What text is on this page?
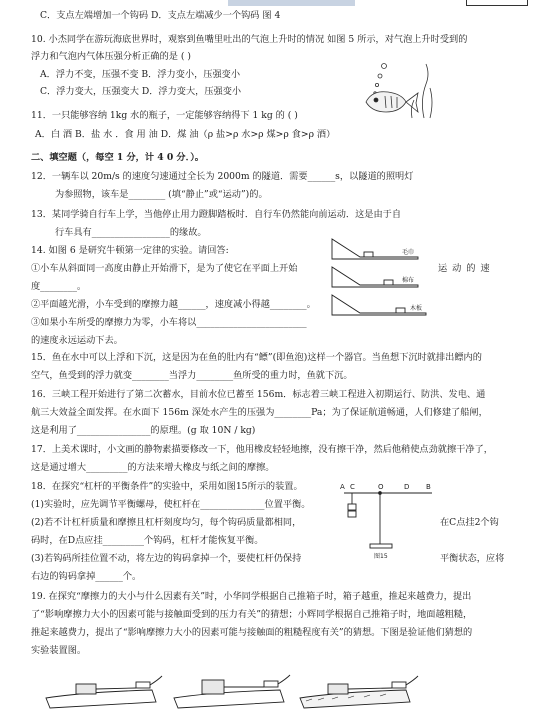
C．支点左端增加一个钩码 D．支点左端减少一个钩码 图 4
10. 小杰同学在游玩海底世界时，观察到鱼嘴里吐出的气泡上升时的情况 如图 5 所示，对气泡上升时受到的
浮力和气泡内气体压强分析正确的是 ( )
A．浮力不变，压强不变 B．浮力变小，压强变小
C．浮力变大，压强变大 D．浮力变大，压强变小
11．一只能够容纳 1kg 水的瓶子，一定能够容纳得下 1 kg 的 ( )
A．白 酒 B．盐 水 ．食 用 油 D．煤 油（ρ 盐>ρ 水>ρ 煤>ρ 食>ρ 酒）
二、填空题（，每空 1 分，计 4 0 分．）。
12．一辆车以 20m/s 的速度匀速通过全长为 2000m 的隧道．需要______s，以隧道的照明灯
为参照物，该车是________ (填“静止”或“运动”)的。
13．某同学骑自行车上学，当他停止用力蹬脚踏板时．自行车仍然能向前运动．这是由于自
行车具有_________________的缘故。
14. 如图 6 是研究牛顿第一定律的实验。请回答:
①小车从斜面同一高度由静止开始滑下，是为了使它在平面上开始	运 动 的 速
度________。
②平面越光滑，小车受到的摩擦力越______，速度减小得越________。
③如果小车所受的摩擦力为零，小车将以________________________
的速度永远运动下去。
毛巾
棉布
木板
15．鱼在水中可以上浮和下沉，这是因为在鱼的肚内有“鳔”(即鱼泡)这样一个器官。当鱼想下沉时就排出鳔内的
空气，鱼受到的浮力就变________当浮力________鱼所受的重力时，鱼就下沉。
16．三峡工程开始进行了第二次蓄水，目前水位已蓄至 156m．标志着三峡工程进入初期运行、防洪、发电、通
航三大效益全面发挥。在水面下 156m 深处水产生的压强为________Pa；为了保证航道畅通，人们修建了船闸，
这是利用了________________的原理。(g 取 10N / kg)
17．上美术课时，小文画的静物素描要修改一下，他用橡皮轻轻地擦，没有擦干净，然后他稍使点劲就擦干净了，
这是通过增大_________的方法来增大橡皮与纸之间的摩擦。
18．在探究“杠杆的平衡条件”的实验中，采用如图15所示的装置。
(1)实验时，应先调节平衡螺母，使杠杆在______________位置平衡。
(2)若不计杠杆质量和摩擦且杠杆刻度均匀，每个钩码质量都相同，	在C点挂2个钩
码时，在D点应挂_________个钩码，杠杆才能恢复平衡。
(3)若钩码所挂位置不动，将左边的钩码拿掉一个，要使杠杆仍保持	平衡状态，应将
右边的钩码拿掉______个。
A C	O	D B
图15
19. 在探究“摩擦力的大小与什么因素有关”时，小华同学根据自己推箱子时，箱子越重，推起来越费力，提出
了“影响摩擦力大小的因素可能与接触面受到的压力有关”的猜想；小辉同学根据自己推箱子时，地面越粗糙，
推起来越费力，提出了“影响摩擦力大小的因素可能与接触面的粗糙程度有关”的猜想。下图是验证他们猜想的
实验装置图。
